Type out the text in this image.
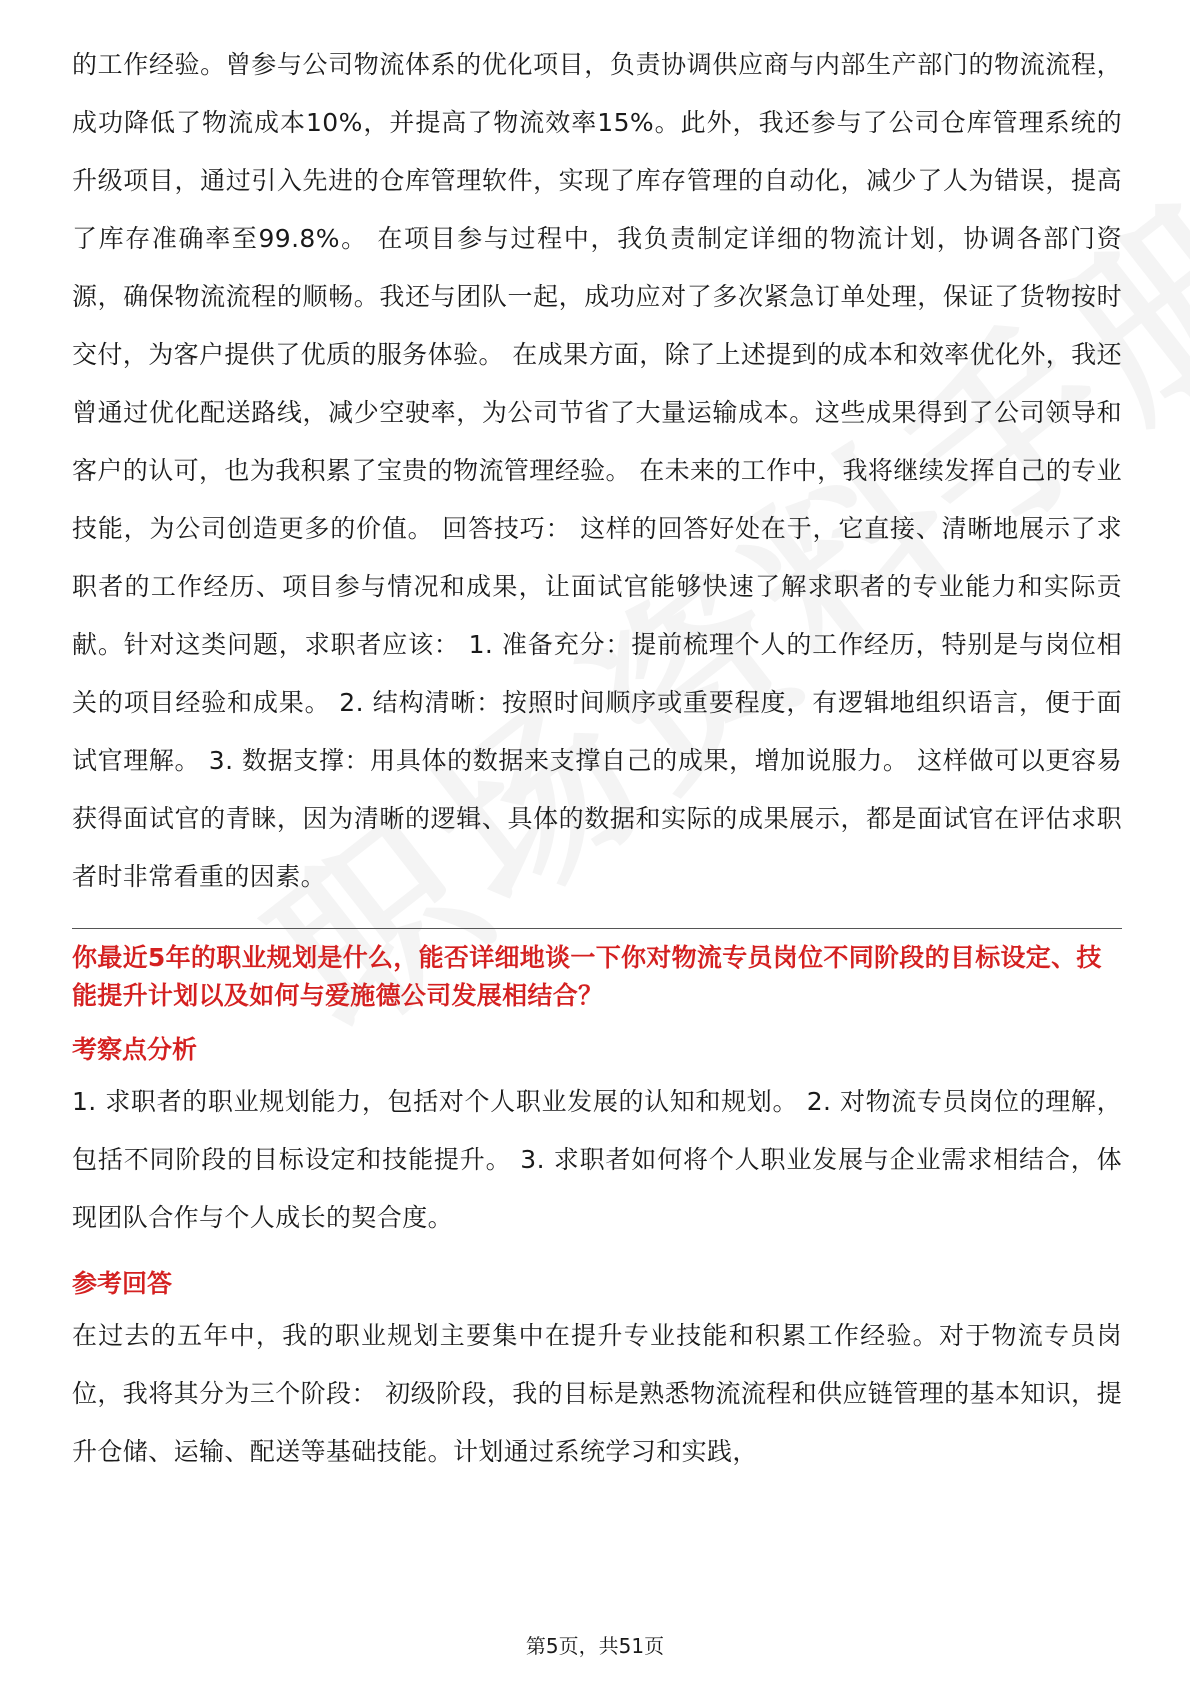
的工作经验。曾参与公司物流体系的优化项目，负责协调供应商与内部生产部门的物流流程，成功降低了物流成本10%，并提高了物流效率15%。此外，我还参与了公司仓库管理系统的升级项目，通过引入先进的仓库管理软件，实现了库存管理的自动化，减少了人为错误，提高了库存准确率至99.8%。 在项目参与过程中，我负责制定详细的物流计划，协调各部门资源，确保物流流程的顺畅。我还与团队一起，成功应对了多次紧急订单处理，保证了货物按时交付，为客户提供了优质的服务体验。 在成果方面，除了上述提到的成本和效率优化外，我还曾通过优化配送路线，减少空驶率，为公司节省了大量运输成本。这些成果得到了公司领导和客户的认可，也为我积累了宝贵的物流管理经验。 在未来的工作中，我将继续发挥自己的专业技能，为公司创造更多的价值。 回答技巧： 这样的回答好处在于，它直接、清晰地展示了求职者的工作经历、项目参与情况和成果，让面试官能够快速了解求职者的专业能力和实际贡献。针对这类问题，求职者应该： 1. 准备充分：提前梳理个人的工作经历，特别是与岗位相关的项目经验和成果。 2. 结构清晰：按照时间顺序或重要程度，有逻辑地组织语言，便于面试官理解。 3. 数据支撑：用具体的数据来支撑自己的成果，增加说服力。 这样做可以更容易获得面试官的青睐，因为清晰的逻辑、具体的数据和实际的成果展示，都是面试官在评估求职者时非常看重的因素。

你最近5年的职业规划是什么，能否详细地谈一下你对物流专员岗位不同阶段的目标设定、技能提升计划以及如何与爱施德公司发展相结合？

考察点分析

1. 求职者的职业规划能力，包括对个人职业发展的认知和规划。 2. 对物流专员岗位的理解，包括不同阶段的目标设定和技能提升。 3. 求职者如何将个人职业发展与企业需求相结合，体现团队合作与个人成长的契合度。

参考回答

在过去的五年中，我的职业规划主要集中在提升专业技能和积累工作经验。对于物流专员岗位，我将其分为三个阶段： 初级阶段，我的目标是熟悉物流流程和供应链管理的基本知识，提升仓储、运输、配送等基础技能。计划通过系统学习和实践，

第5页，共51页
